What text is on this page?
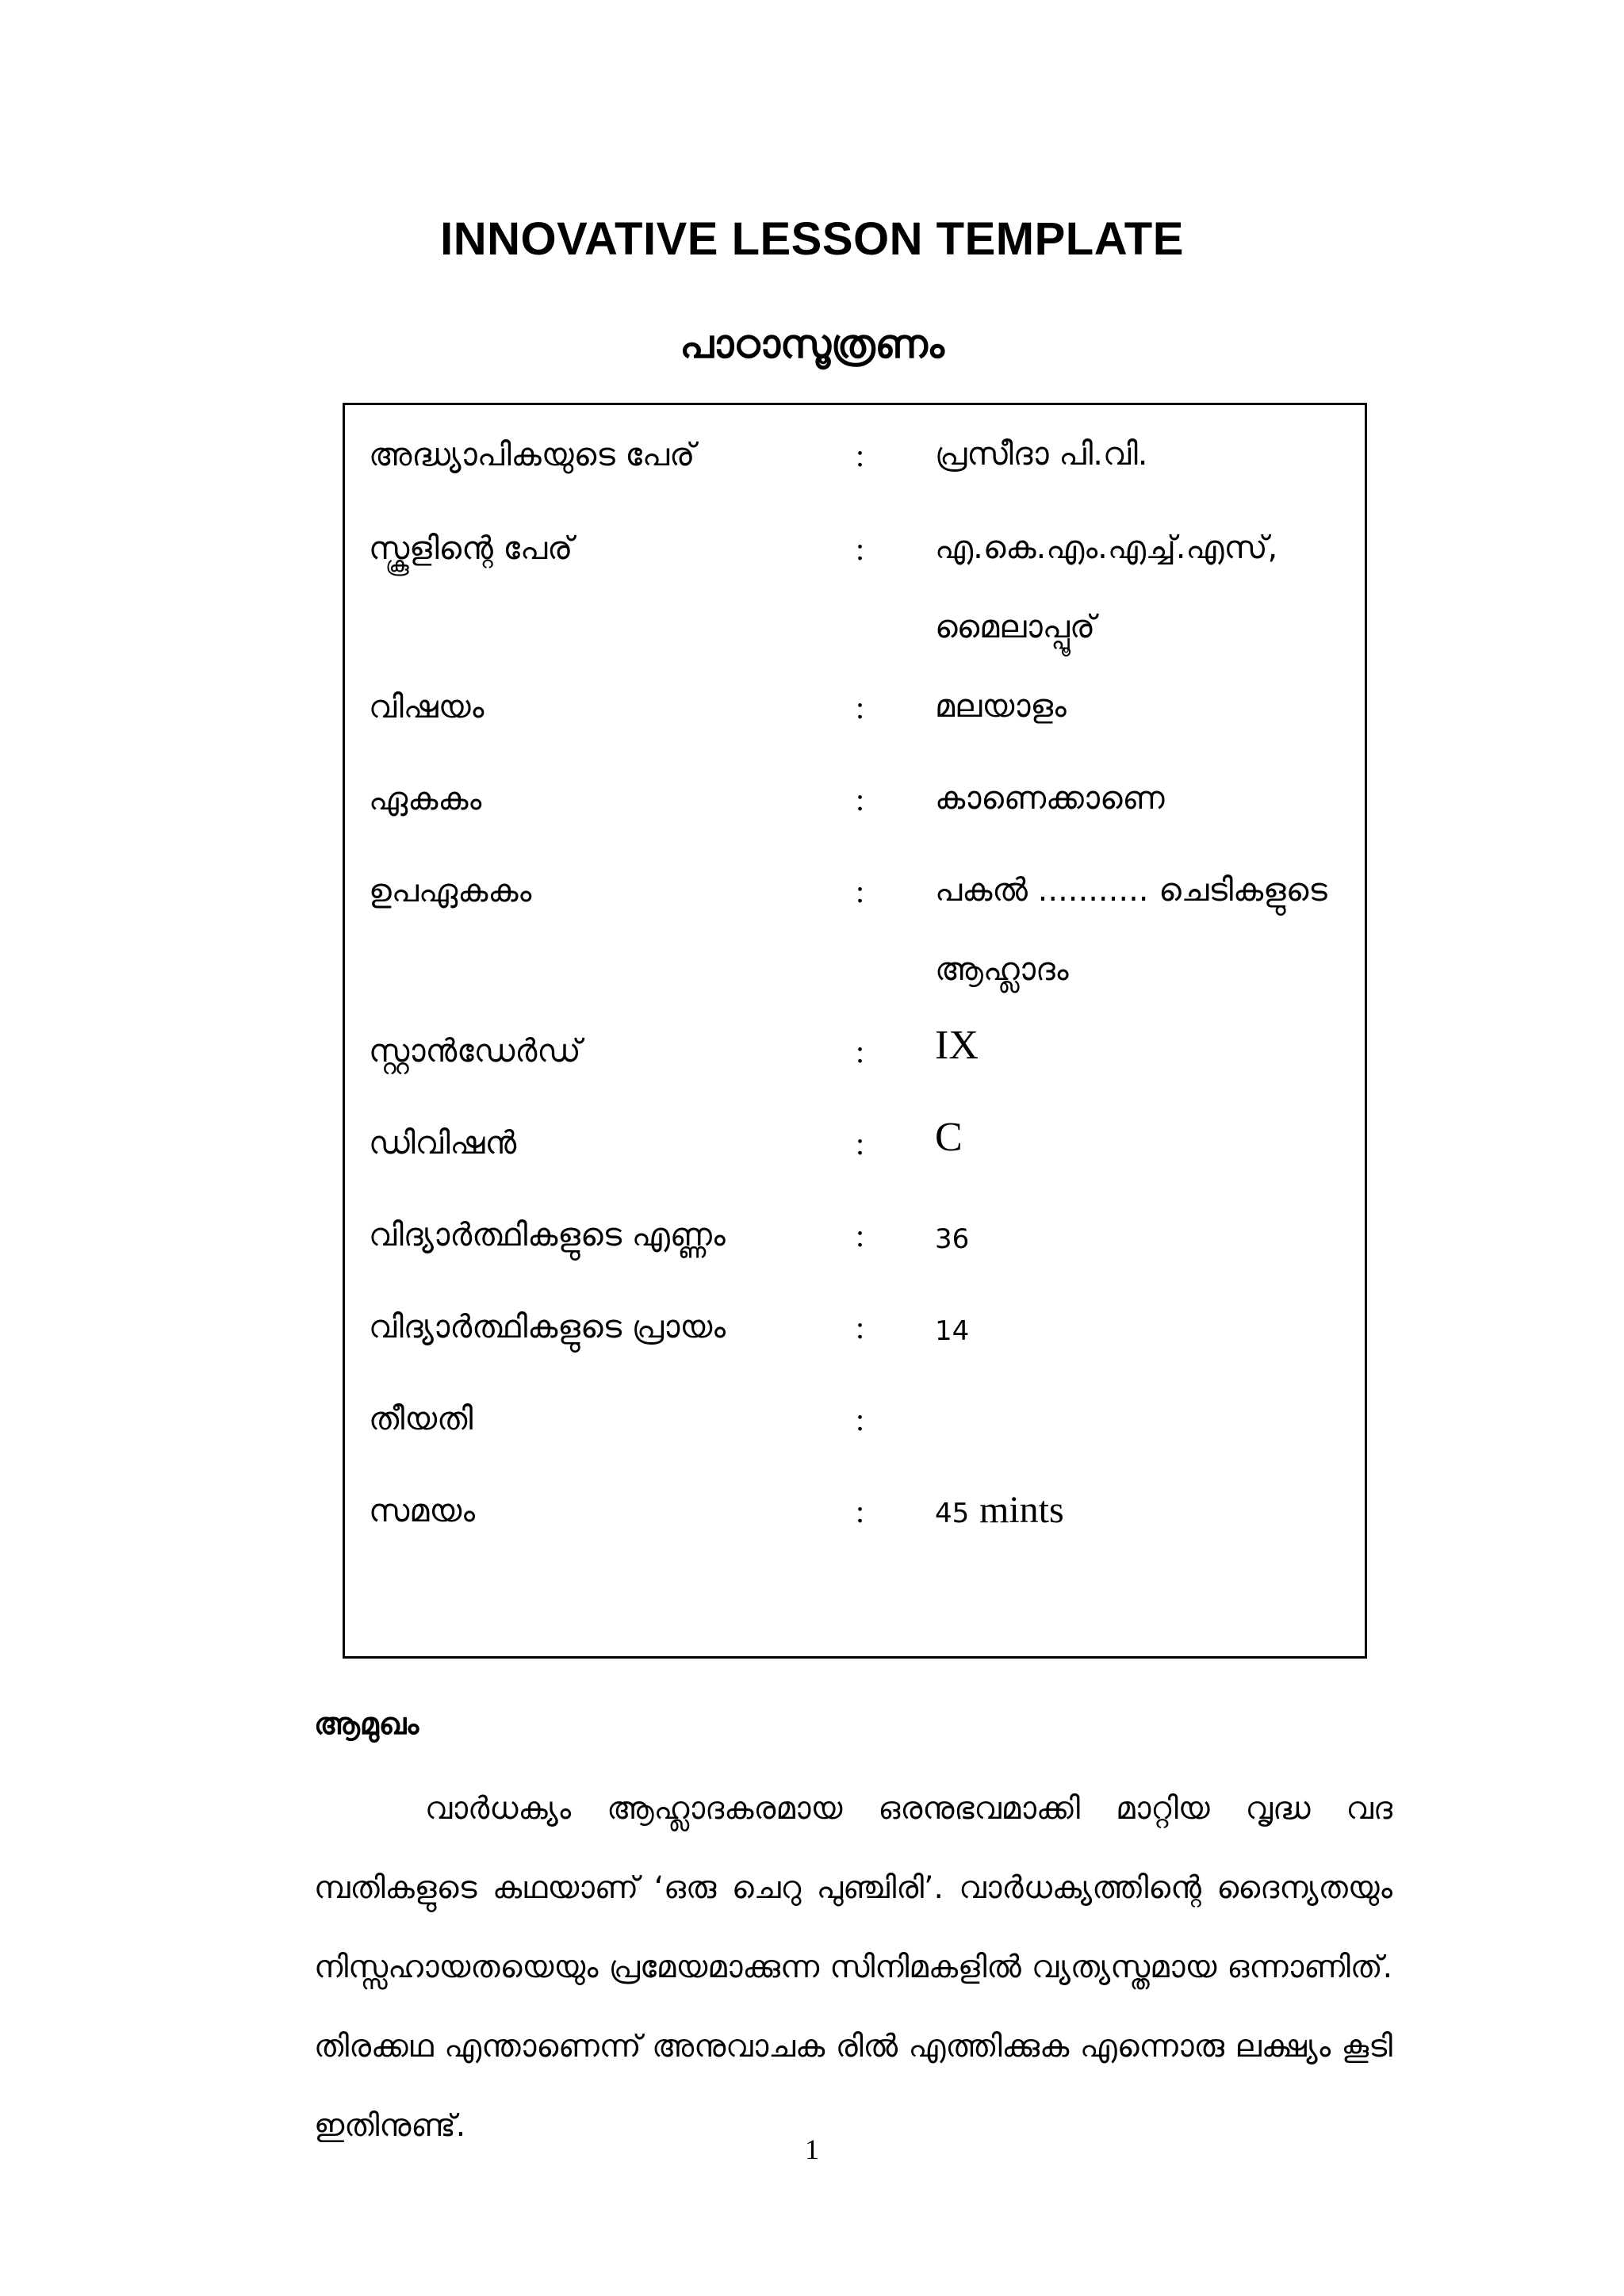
INNOVATIVE LESSON TEMPLATE
പാഠാസൂത്രണം
അദ്ധ്യാപികയുടെ പേര്	: പ്രസീദാ പി.വി.
സ്കൂളിന്റെ പേര്	: എ.കെ.എം.എച്ച്.എസ്, മൈലാപ്പൂര്
വിഷയം	: മലയാളം
ഏകകം	: കാണെക്കാണെ
ഉപഏകകം	: പകൽ ........... ചെടികളുടെ ആഹ്ലാദം
സ്റ്റാൻഡേർഡ്	: IX
ഡിവിഷൻ	: C
വിദ്യാർത്ഥികളുടെ എണ്ണം	:	36
വിദ്യാർത്ഥികളുടെ പ്രായം	:	14
തീയതി	:
സമയം	:	45 mints
ആമുഖം

വാർധക്യം ആഹ്ലാദകരമായ ഒരനുഭവമാക്കി മാറ്റിയ വൃദ്ധ വദ മ്പതികളുടെ കഥയാണ് ‘ഒരു ചെറു പുഞ്ചിരി’. വാർധക്യത്തിന്റെ ദൈന്യതയും നിസ്സഹായതയെയും പ്രമേയമാക്കുന്ന സിനിമകളിൽ വ്യത്യസ്തമായ ഒന്നാണിത്. തിരക്കഥ എന്താണെന്ന് അനുവാചക രിൽ എത്തിക്കുക എന്നൊരു ലക്ഷ്യം കൂടി ഇതിനുണ്ട്.

1
